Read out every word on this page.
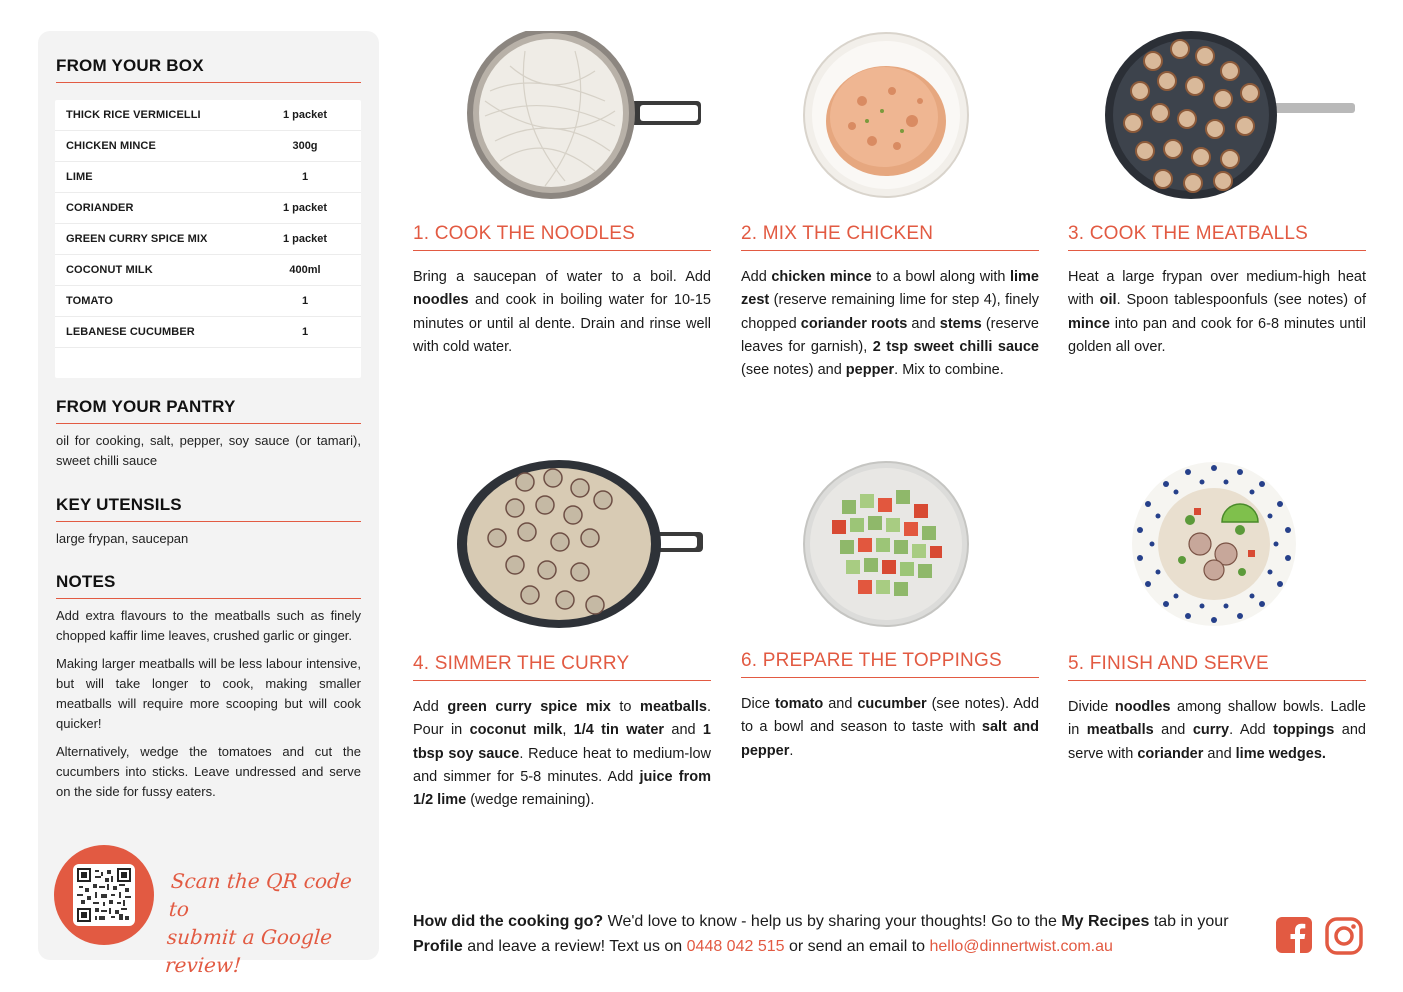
FROM YOUR BOX
THICK RICE VERMICELLI	1 packet
CHICKEN MINCE	300g
LIME	1
CORIANDER	1 packet
GREEN CURRY SPICE MIX	1 packet
COCONUT MILK	400ml
TOMATO	1
LEBANESE CUCUMBER	1
FROM YOUR PANTRY
oil for cooking, salt, pepper, soy sauce (or tamari), sweet chilli sauce
KEY UTENSILS
large frypan, saucepan
NOTES

Add extra flavours to the meatballs such as finely chopped kaffir lime leaves, crushed garlic or ginger.

Making larger meatballs will be less labour intensive, but will take longer to cook, making smaller meatballs will require more scooping but will cook quicker!

Alternatively, wedge the tomatoes and cut the cucumbers into sticks. Leave undressed and serve on the side for fussy eaters.

Scan the QR code to
submit a Google review!
1. COOK THE NOODLES
Bring a saucepan of water to a boil. Add noodles and cook in boiling water for 10-15 minutes or until al dente. Drain and rinse well with cold water.
2. MIX THE CHICKEN
Add chicken mince to a bowl along with lime zest (reserve remaining lime for step 4), finely chopped coriander roots and stems (reserve leaves for garnish), 2 tsp sweet chilli sauce (see notes) and pepper. Mix to combine.
3. COOK THE MEATBALLS
Heat a large frypan over medium-high heat with oil. Spoon tablespoonfuls (see notes) of mince into pan and cook for 6-8 minutes until golden all over.
4. SIMMER THE CURRY
Add green curry spice mix to meatballs. Pour in coconut milk, 1/4 tin water and 1 tbsp soy sauce. Reduce heat to medium-low and simmer for 5-8 minutes. Add juice from 1/2 lime (wedge remaining).
6. PREPARE THE TOPPINGS
Dice tomato and cucumber (see notes). Add to a bowl and season to taste with salt and pepper.
5. FINISH AND SERVE
Divide noodles among shallow bowls. Ladle in meatballs and curry. Add toppings and serve with coriander and lime wedges.
How did the cooking go? We'd love to know - help us by sharing your thoughts! Go to the My Recipes tab in your Profile and leave a review! Text us on 0448 042 515 or send an email to hello@dinnertwist.com.au
